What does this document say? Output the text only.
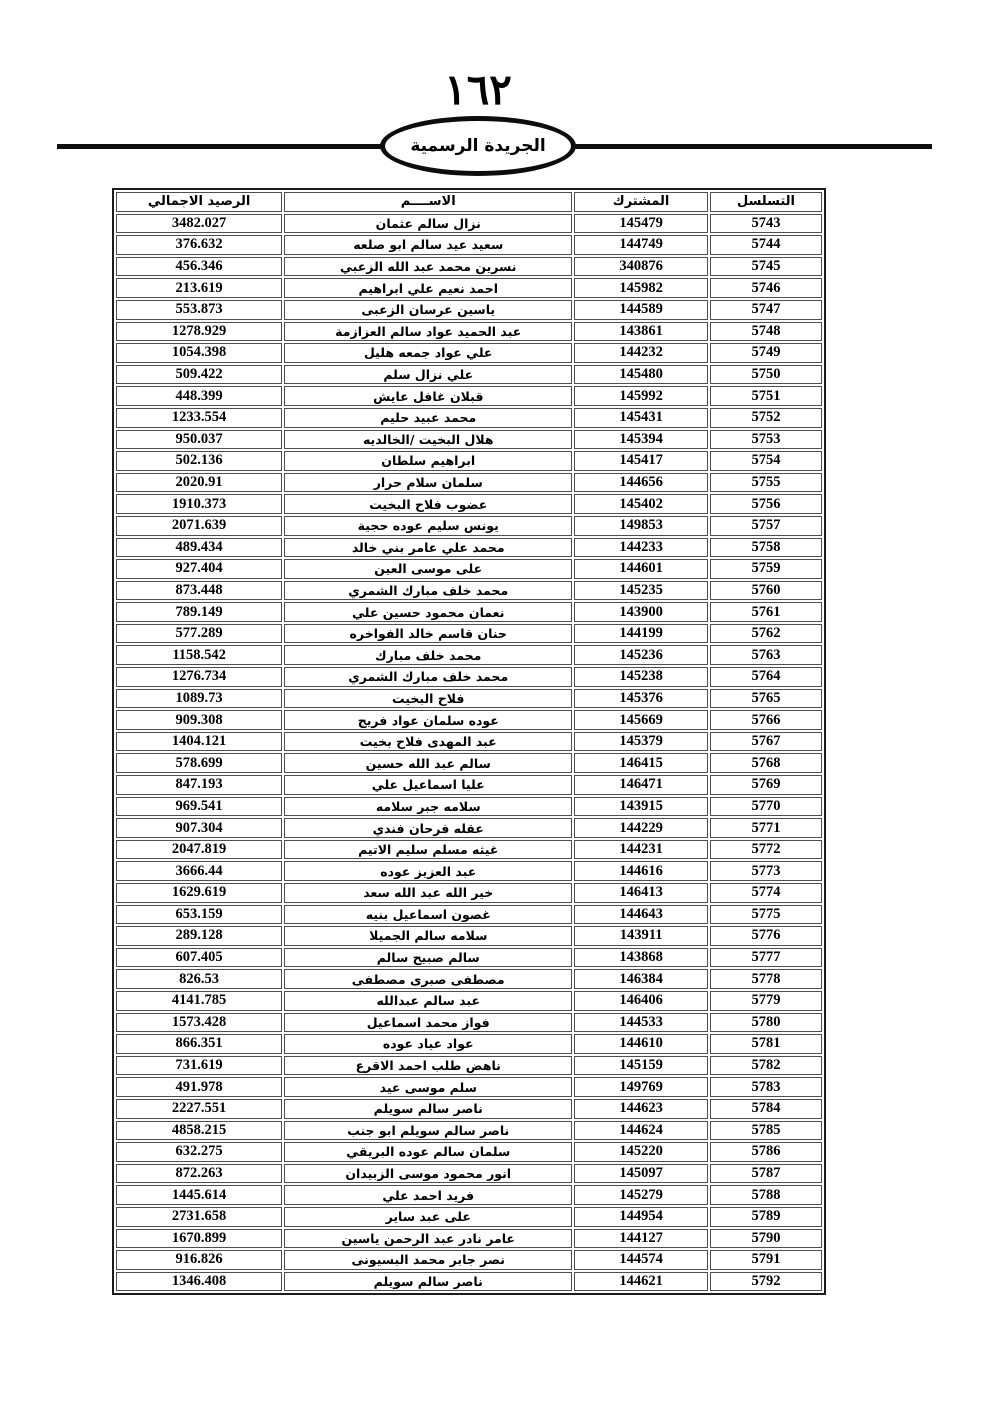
١٦٢
الجريدة الرسمية
التسلسل	المشترك	الاســــم	الرصيد الاجمالي
5743	145479	نزال سالم عثمان	3482.027
5744	144749	سعيد عيد سالم ابو صلعه	376.632
5745	340876	نسرين محمد عبد الله الزعبي	456.346
5746	145982	احمد نعيم علي ابراهيم	213.619
5747	144589	ياسين عرسان الزعبى	553.873
5748	143861	عبد الحميد عواد سالم العزازمة	1278.929
5749	144232	علي عواد جمعه هليل	1054.398
5750	145480	علي نزال سلم	509.422
5751	145992	قبلان غافل عايش	448.399
5752	145431	محمد عبيد حليم	1233.554
5753	145394	هلال البخيت /الخالديه	950.037
5754	145417	ابراهيم سلطان	502.136
5755	144656	سلمان سلام حرار	2020.91
5756	145402	عضوب فلاح البخيت	1910.373
5757	149853	يونس سليم عوده حجية	2071.639
5758	144233	محمد علي عامر بني خالد	489.434
5759	144601	على موسى العين	927.404
5760	145235	محمد خلف مبارك الشمري	873.448
5761	143900	نعمان محمود حسين علي	789.149
5762	144199	حنان قاسم خالد الفواخره	577.289
5763	145236	محمد خلف مبارك	1158.542
5764	145238	محمد خلف مبارك الشمري	1276.734
5765	145376	فلاح البخيت	1089.73
5766	145669	عوده سلمان عواد فريج	909.308
5767	145379	عبد المهدى فلاح بخيت	1404.121
5768	146415	سالم عبد الله حسين	578.699
5769	146471	عليا اسماعيل علي	847.193
5770	143915	سلامه جبر سلامه	969.541
5771	144229	عقله فرحان فندي	907.304
5772	144231	غيثه مسلم سليم الاتيم	2047.819
5773	144616	عبد العزيز عوده	3666.44
5774	146413	خير الله عبد الله سعد	1629.619
5775	144643	غصون اسماعيل بنيه	653.159
5776	143911	سلامه سالم الجميلا	289.128
5777	143868	سالم صبيح سالم	607.405
5778	146384	مصطفى صبرى مصطفى	826.53
5779	146406	عبد سالم عبدالله	4141.785
5780	144533	فواز محمد اسماعيل	1573.428
5781	144610	عواد عياد عوده	866.351
5782	145159	ناهض طلب احمد الاقرع	731.619
5783	149769	سلم موسى عيد	491.978
5784	144623	ناصر سالم سويلم	2227.551
5785	144624	ناصر سالم سويلم ابو جنب	4858.215
5786	145220	سلمان سالم عوده البريقي	632.275
5787	145097	انور محمود موسى الزبيدان	872.263
5788	145279	فريد احمد علي	1445.614
5789	144954	على عبد ساير	2731.658
5790	144127	عامر نادر عبد الرحمن ياسين	1670.899
5791	144574	نصر جابر محمد البسيونى	916.826
5792	144621	ناصر سالم سويلم	1346.408
